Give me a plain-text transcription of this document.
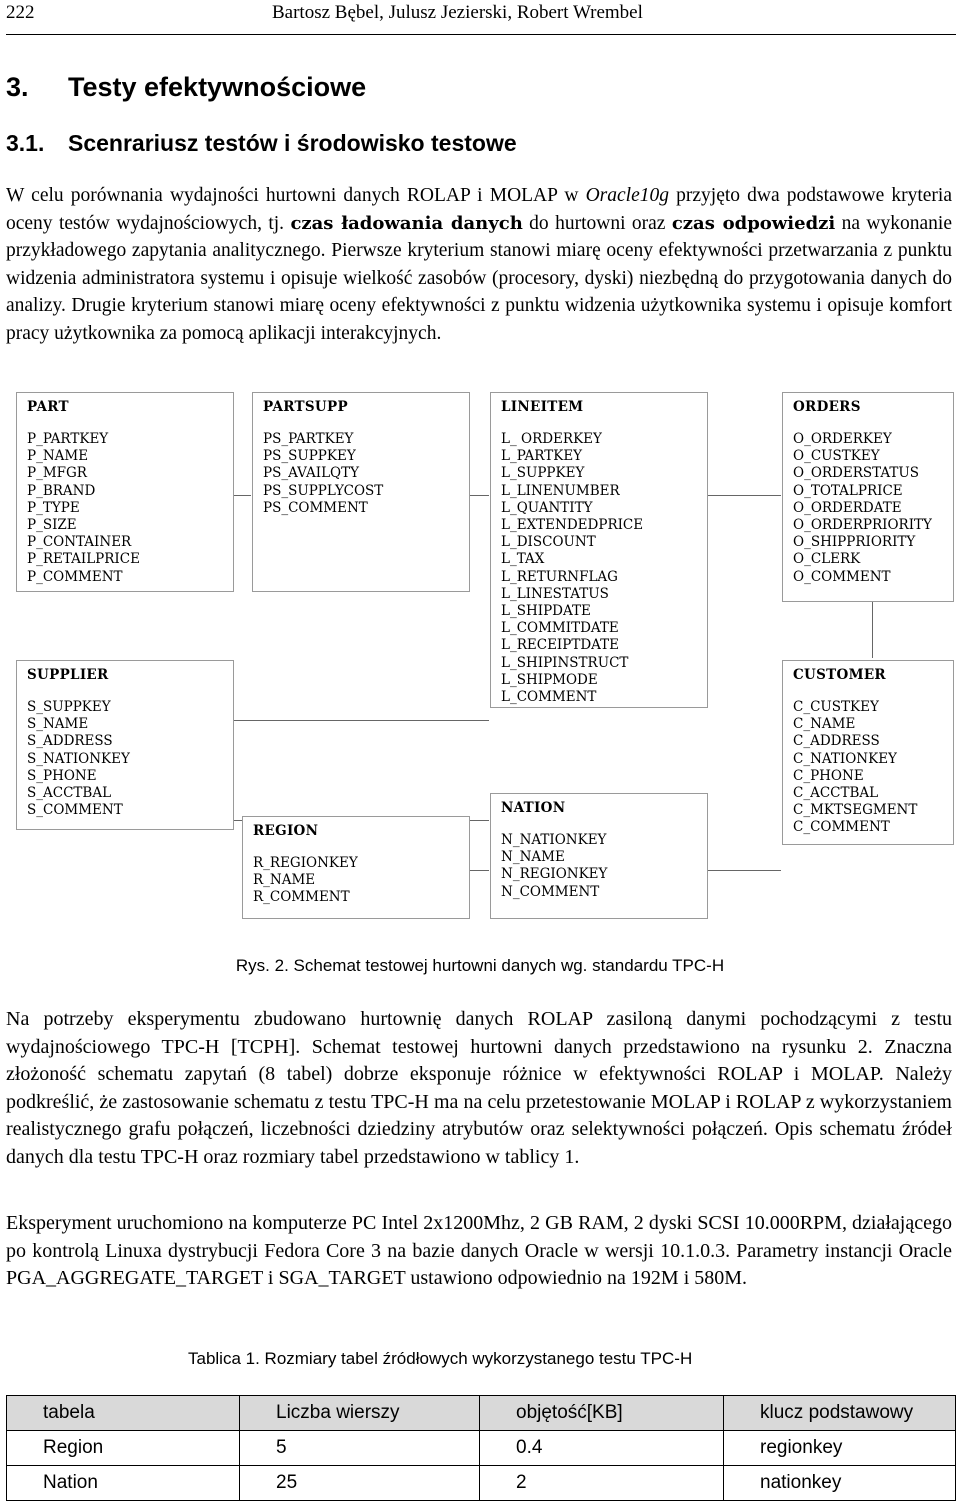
222	Bartosz Bębel, Julusz Jezierski, Robert Wrembel
3. Testy efektywnościowe
3.1. Scenrariusz testów i środowisko testowe

W celu porównania wydajności hurtowni danych ROLAP i MOLAP w Oracle10g przyjęto dwa podstawowe kryteria oceny testów wydajnościowych, tj. czas ładowania danych do hurtowni oraz czas odpowiedzi na wykonanie przykładowego zapytania analitycznego. Pierwsze kryterium stanowi miarę oceny efektywności przetwarzania z punktu widzenia administratora systemu i opisuje wielkość zasobów (procesory, dyski) niezbędną do przygotowania danych do analizy. Drugie kryterium stanowi miarę oceny efektywności z punktu widzenia użytkownika systemu i opisuje komfort pracy użytkownika za pomocą aplikacji interakcyjnych.

PART
P_PARTKEY
P_NAME
P_MFGR
P_BRAND
P_TYPE
P_SIZE
P_CONTAINER
P_RETAILPRICE
P_COMMENT
PARTSUPP
PS_PARTKEY
PS_SUPPKEY
PS_AVAILQTY
PS_SUPPLYCOST
PS_COMMENT
LINEITEM
L_ ORDERKEY
L_PARTKEY
L_SUPPKEY
L_LINENUMBER
L_QUANTITY
L_EXTENDEDPRICE
L_DISCOUNT
L_TAX
L_RETURNFLAG
L_LINESTATUS
L_SHIPDATE
L_COMMITDATE
L_RECEIPTDATE
L_SHIPINSTRUCT
L_SHIPMODE
L_COMMENT
ORDERS
O_ORDERKEY
O_CUSTKEY
O_ORDERSTATUS
O_TOTALPRICE
O_ORDERDATE
O_ORDERPRIORITY
O_SHIPPRIORITY
O_CLERK
O_COMMENT
SUPPLIER
S_SUPPKEY
S_NAME
S_ADDRESS
S_NATIONKEY
S_PHONE
S_ACCTBAL
S_COMMENT
CUSTOMER
C_CUSTKEY
C_NAME
C_ADDRESS
C_NATIONKEY
C_PHONE
C_ACCTBAL
C_MKTSEGMENT
C_COMMENT
NATION
N_NATIONKEY
N_NAME
N_REGIONKEY
N_COMMENT
REGION
R_REGIONKEY
R_NAME
R_COMMENT
Rys. 2. Schemat testowej hurtowni danych wg. standardu TPC-H

Na potrzeby eksperymentu zbudowano hurtownię danych ROLAP zasiloną danymi pochodzącymi z testu wydajnościowego TPC-H [TCPH]. Schemat testowej hurtowni danych przedstawiono na rysunku 2. Znaczna złożoność schematu zapytań (8 tabel) dobrze eksponuje różnice w efektywności ROLAP i MOLAP. Należy podkreślić, że zastosowanie schematu z testu TPC-H ma na celu przetestowanie MOLAP i ROLAP z wykorzystaniem realistycznego grafu połączeń, liczebności dziedziny atrybutów oraz selektywności połączeń. Opis schematu źródeł danych dla testu TPC-H oraz rozmiary tabel przedstawiono w tablicy 1.

Eksperyment uruchomiono na komputerze PC Intel 2x1200Mhz, 2 GB RAM, 2 dyski SCSI 10.000RPM, działającego po kontrolą Linuxa dystrybucji Fedora Core 3 na bazie danych Oracle w wersji 10.1.0.3. Parametry instancji Oracle PGA_AGGREGATE_TARGET i SGA_TARGET ustawiono odpowiednio na 192M i 580M.

Tablica 1. Rozmiary tabel źródłowych wykorzystanego testu TPC-H
tabela	Liczba wierszy	objętość[KB]	klucz podstawowy
Region	5	0.4	regionkey
Nation	25	2	nationkey
